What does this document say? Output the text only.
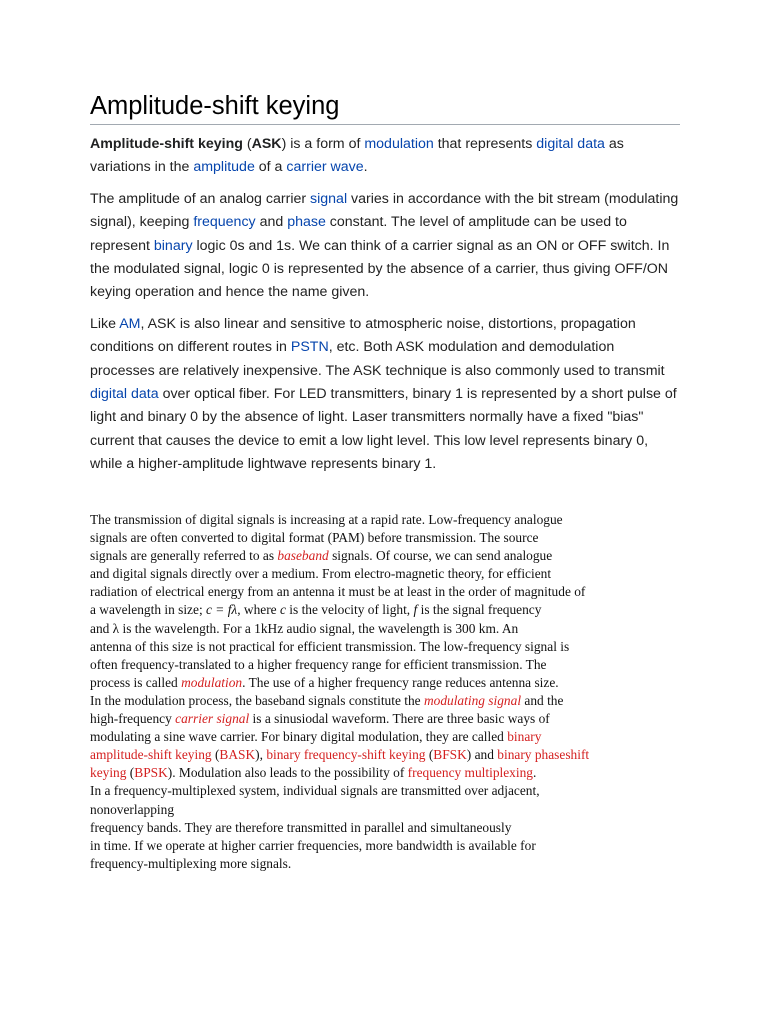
Amplitude-shift keying

Amplitude-shift keying (ASK) is a form of modulation that represents digital data as variations in the amplitude of a carrier wave.

The amplitude of an analog carrier signal varies in accordance with the bit stream (modulating signal), keeping frequency and phase constant. The level of amplitude can be used to represent binary logic 0s and 1s. We can think of a carrier signal as an ON or OFF switch. In the modulated signal, logic 0 is represented by the absence of a carrier, thus giving OFF/ON keying operation and hence the name given.

Like AM, ASK is also linear and sensitive to atmospheric noise, distortions, propagation conditions on different routes in PSTN, etc. Both ASK modulation and demodulation processes are relatively inexpensive. The ASK technique is also commonly used to transmit digital data over optical fiber. For LED transmitters, binary 1 is represented by a short pulse of light and binary 0 by the absence of light. Laser transmitters normally have a fixed "bias" current that causes the device to emit a low light level. This low level represents binary 0, while a higher-amplitude lightwave represents binary 1.

The transmission of digital signals is increasing at a rapid rate. Low-frequency analogue
signals are often converted to digital format (PAM) before transmission. The source
signals are generally referred to as baseband signals. Of course, we can send analogue
and digital signals directly over a medium. From electro-magnetic theory, for efficient
radiation of electrical energy from an antenna it must be at least in the order of magnitude of
a wavelength in size; c = fλ, where c is the velocity of light, f is the signal frequency
and λ is the wavelength. For a 1kHz audio signal, the wavelength is 300 km. An
antenna of this size is not practical for efficient transmission. The low-frequency signal is
often frequency-translated to a higher frequency range for efficient transmission. The
process is called modulation. The use of a higher frequency range reduces antenna size.
In the modulation process, the baseband signals constitute the modulating signal and the
high-frequency carrier signal is a sinusiodal waveform. There are three basic ways of
modulating a sine wave carrier. For binary digital modulation, they are called binary
amplitude-shift keying (BASK), binary frequency-shift keying (BFSK) and binary phaseshift
keying (BPSK). Modulation also leads to the possibility of frequency multiplexing.
In a frequency-multiplexed system, individual signals are transmitted over adjacent,
nonoverlapping
frequency bands. They are therefore transmitted in parallel and simultaneously
in time. If we operate at higher carrier frequencies, more bandwidth is available for
frequency-multiplexing more signals.
